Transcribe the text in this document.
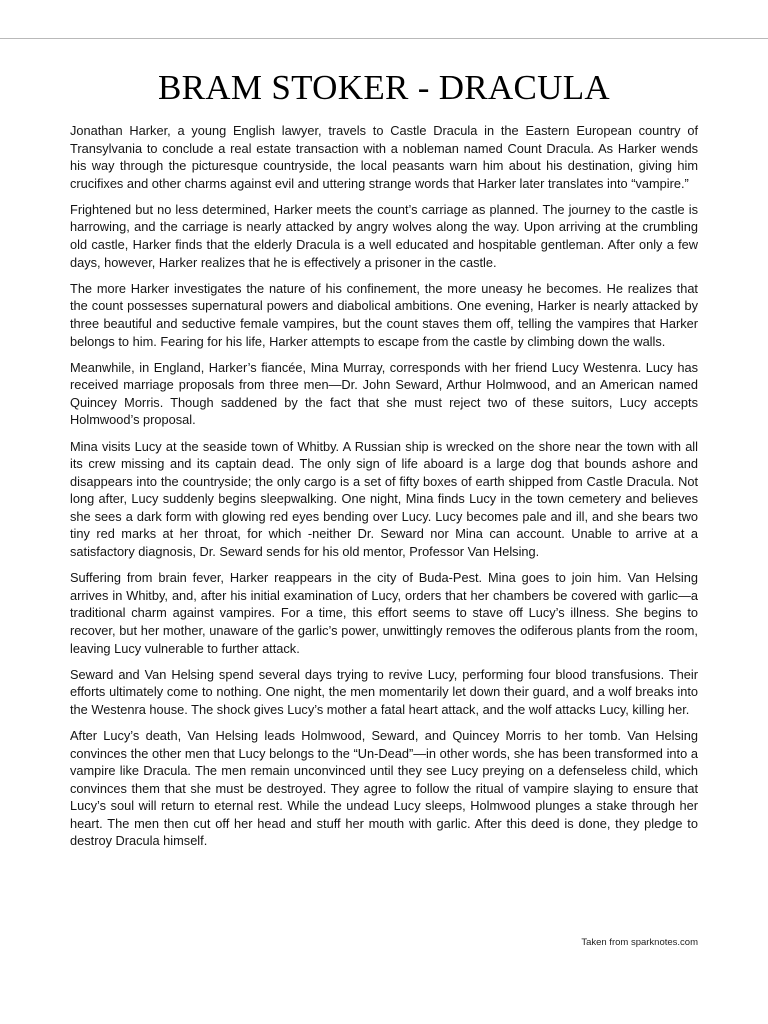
BRAM STOKER - DRACULA

Jonathan Harker, a young English lawyer, travels to Castle Dracula in the Eastern European country of Transylvania to conclude a real estate transaction with a nobleman named Count Dracula. As Harker wends his way through the picturesque countryside, the local peasants warn him about his destination, giving him crucifixes and other charms against evil and uttering strange words that Harker later translates into “vampire.”

Frightened but no less determined, Harker meets the count’s carriage as planned. The journey to the castle is harrowing, and the carriage is nearly attacked by angry wolves along the way. Upon arriving at the crumbling old castle, Harker finds that the elderly Dracula is a well educated and hospitable gentleman. After only a few days, however, Harker realizes that he is effectively a prisoner in the castle.

The more Harker investigates the nature of his confinement, the more uneasy he becomes. He realizes that the count possesses supernatural powers and diabolical ambitions. One evening, Harker is nearly attacked by three beautiful and seductive female vampires, but the count staves them off, telling the vampires that Harker belongs to him. Fearing for his life, Harker attempts to escape from the castle by climbing down the walls.

Meanwhile, in England, Harker’s fiancée, Mina Murray, corresponds with her friend Lucy Westenra. Lucy has received marriage proposals from three men—Dr. John Seward, Arthur Holmwood, and an American named Quincey Morris. Though saddened by the fact that she must reject two of these suitors, Lucy accepts Holmwood’s proposal.

Mina visits Lucy at the seaside town of Whitby. A Russian ship is wrecked on the shore near the town with all its crew missing and its captain dead. The only sign of life aboard is a large dog that bounds ashore and disappears into the countryside; the only cargo is a set of fifty boxes of earth shipped from Castle Dracula. Not long after, Lucy suddenly begins sleepwalking. One night, Mina finds Lucy in the town cemetery and believes she sees a dark form with glowing red eyes bending over Lucy. Lucy becomes pale and ill, and she bears two tiny red marks at her throat, for which -neither Dr. Seward nor Mina can account. Unable to arrive at a satisfactory diagnosis, Dr. Seward sends for his old mentor, Professor Van Helsing.

Suffering from brain fever, Harker reappears in the city of Buda-Pest. Mina goes to join him. Van Helsing arrives in Whitby, and, after his initial examination of Lucy, orders that her chambers be covered with garlic—a traditional charm against vampires. For a time, this effort seems to stave off Lucy’s illness. She begins to recover, but her mother, unaware of the garlic’s power, unwittingly removes the odiferous plants from the room, leaving Lucy vulnerable to further attack.

Seward and Van Helsing spend several days trying to revive Lucy, performing four blood transfusions. Their efforts ultimately come to nothing. One night, the men momentarily let down their guard, and a wolf breaks into the Westenra house. The shock gives Lucy’s mother a fatal heart attack, and the wolf attacks Lucy, killing her.

After Lucy’s death, Van Helsing leads Holmwood, Seward, and Quincey Morris to her tomb. Van Helsing convinces the other men that Lucy belongs to the “Un-Dead”—in other words, she has been transformed into a vampire like Dracula. The men remain unconvinced until they see Lucy preying on a defenseless child, which convinces them that she must be destroyed. They agree to follow the ritual of vampire slaying to ensure that Lucy’s soul will return to eternal rest. While the undead Lucy sleeps, Holmwood plunges a stake through her heart. The men then cut off her head and stuff her mouth with garlic. After this deed is done, they pledge to destroy Dracula himself.

Taken from sparknotes.com
